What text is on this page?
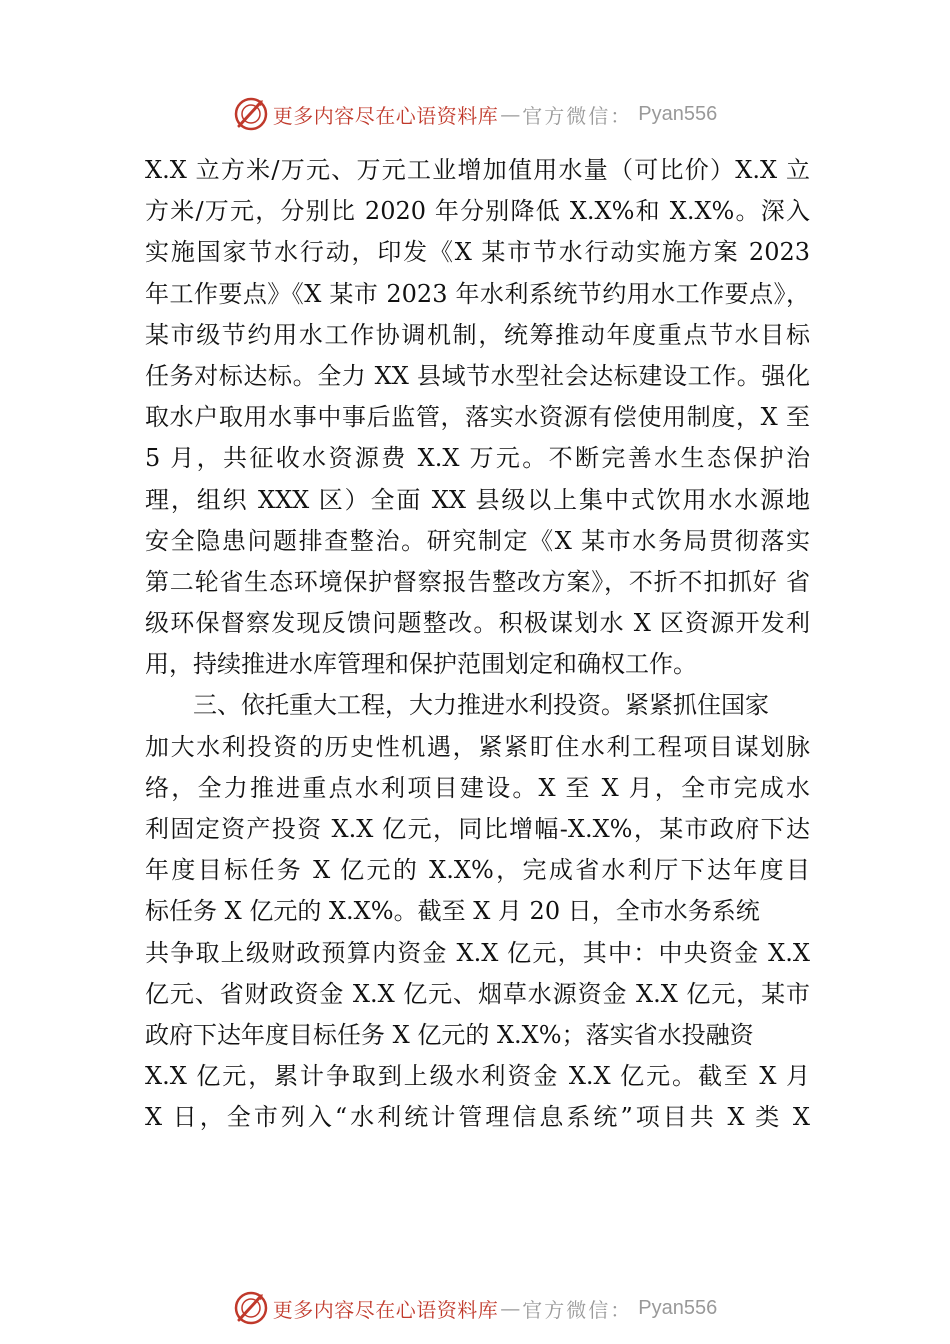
更多内容尽在心语资料库 — 官方微信： Pyan556
X.X 立方米/万元、万元工业增加值用水量（可比价）X.X 立
方米/万元，分别比 2020 年分别降低 X.X%和 X.X%。深入
实施国家节水行动，印发《X 某市节水行动实施方案 2023
年工作要点》《X 某市 2023 年水利系统节约用水工作要点》，
某市级节约用水工作协调机制，统筹推动年度重点节水目标
任务对标达标。全力 XX 县域节水型社会达标建设工作。强化
取水户取用水事中事后监管，落实水资源有偿使用制度，X 至
5 月，共征收水资源费 X.X 万元。不断完善水生态保护治
理，组织 XXX 区）全面 XX 县级以上集中式饮用水水源地
安全隐患问题排查整治。研究制定《X 某市水务局贯彻落实
第二轮省生态环境保护督察报告整改方案》，不折不扣抓好 省
级环保督察发现反馈问题整改。积极谋划水 X 区资源开发利
用，持续推进水库管理和保护范围划定和确权工作。
三、依托重大工程，大力推进水利投资。紧紧抓住国家
加大水利投资的历史性机遇，紧紧盯住水利工程项目谋划脉
络，全力推进重点水利项目建设。X 至 X 月，全市完成水
利固定资产投资 X.X 亿元，同比增幅-X.X%，某市政府下达
年度目标任务 X 亿元的 X.X%，完成省水利厅下达年度目
标任务 X 亿元的 X.X%。截至 X 月 20 日，全市水务系统
共争取上级财政预算内资金 X.X 亿元，其中：中央资金 X.X
亿元、省财政资金 X.X 亿元、烟草水源资金 X.X 亿元，某市
政府下达年度目标任务 X 亿元的 X.X%；落实省水投融资
X.X 亿元，累计争取到上级水利资金 X.X 亿元。截至 X 月
X 日，全市列入“水利统计管理信息系统”项目共 X 类 X
更多内容尽在心语资料库 — 官方微信： Pyan556
